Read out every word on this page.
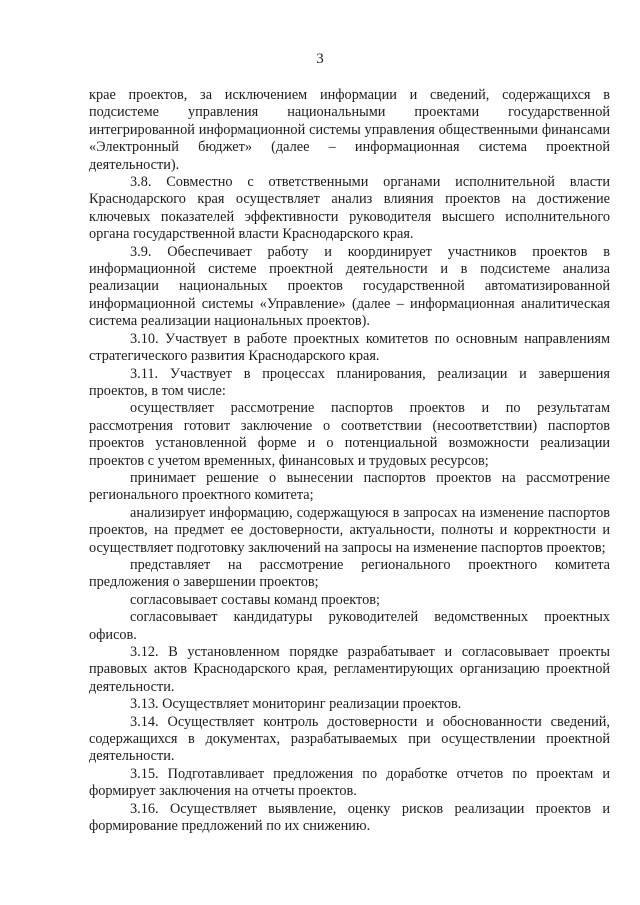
3

крае проектов, за исключением информации и сведений, содержащихся в подсистеме управления национальными проектами государственной интегрированной информационной системы управления общественными финансами «Электронный бюджет» (далее – информационная система проектной деятельности).

3.8. Совместно с ответственными органами исполнительной власти Краснодарского края осуществляет анализ влияния проектов на достижение ключевых показателей эффективности руководителя высшего исполнительного органа государственной власти Краснодарского края.

3.9. Обеспечивает работу и координирует участников проектов в информационной системе проектной деятельности и в подсистеме анализа реализации национальных проектов государственной автоматизированной информационной системы «Управление» (далее – информационная аналитическая система реализации национальных проектов).

3.10. Участвует в работе проектных комитетов по основным направлениям стратегического развития Краснодарского края.

3.11. Участвует в процессах планирования, реализации и завершения проектов, в том числе:

осуществляет рассмотрение паспортов проектов и по результатам рассмотрения готовит заключение о соответствии (несоответствии) паспортов проектов установленной форме и о потенциальной возможности реализации проектов с учетом временных, финансовых и трудовых ресурсов;

принимает решение о вынесении паспортов проектов на рассмотрение регионального проектного комитета;

анализирует информацию, содержащуюся в запросах на изменение паспортов проектов, на предмет ее достоверности, актуальности, полноты и корректности и осуществляет подготовку заключений на запросы на изменение паспортов проектов;

представляет на рассмотрение регионального проектного комитета предложения о завершении проектов;

согласовывает составы команд проектов;

согласовывает кандидатуры руководителей ведомственных проектных офисов.

3.12. В установленном порядке разрабатывает и согласовывает проекты правовых актов Краснодарского края, регламентирующих организацию проектной деятельности.

3.13. Осуществляет мониторинг реализации проектов.

3.14. Осуществляет контроль достоверности и обоснованности сведений, содержащихся в документах, разрабатываемых при осуществлении проектной деятельности.

3.15. Подготавливает предложения по доработке отчетов по проектам и формирует заключения на отчеты проектов.

3.16. Осуществляет выявление, оценку рисков реализации проектов и формирование предложений по их снижению.
